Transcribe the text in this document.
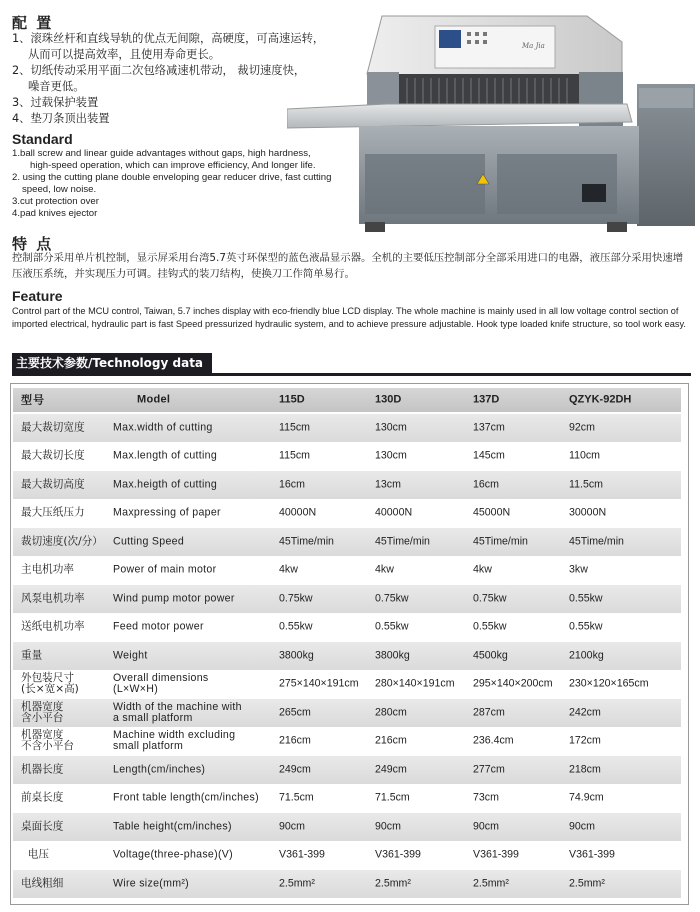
配 置
1、滚珠丝杆和直线导轨的优点无间隙，高硬度，可高速运转，
从而可以提高效率，且使用寿命更长。
2、切纸传动采用平面二次包络减速机带动， 裁切速度快，
噪音更低。
3、过载保护装置
4、垫刀条顶出装置
Standard
1.ball screw and linear guide advantages without gaps, high hardness,
high-speed operation, which can improve efficiency, And longer life.
2. using the cutting plane double enveloping gear reducer drive, fast cutting
speed, low noise.
3.cut protection over
4.pad knives ejector
Ma Jia
特 点
控制部分采用单片机控制，显示屏采用台湾5.7英寸环保型的蓝色液晶显示器。全机的主要低压控制部分全部采用进口的电器，液压部分采用快速增压液压系统，并实现压力可调。挂钩式的装刀结构，使换刀工作简单易行。
Feature
Control part of the MCU control, Taiwan, 5.7 inches display with eco-friendly blue LCD display. The whole machine is mainly used in all low voltage control section of imported electrical, hydraulic part is fast Speed pressurized hydraulic system, and to achieve pressure adjustable. Hook type loaded knife structure, so tool work easy.
主要技术参数/Technology data
型号	Model	115D	130D	137D	QZYK-92DH
最大裁切宽度	Max.width of cutting	115cm	130cm	137cm	92cm
最大裁切长度	Max.length of cutting	115cm	130cm	145cm	110cm
最大裁切高度	Max.heigth of cutting	16cm	13cm	16cm	11.5cm
最大压纸压力	Maxpressing of paper	40000N	40000N	45000N	30000N
裁切速度(次/分） Cutting Speed	45Time/min	45Time/min	45Time/min	45Time/min
主电机功率	Power of main motor	4kw	4kw	4kw	3kw
风泵电机功率	Wind pump motor power	0.75kw	0.75kw	0.75kw	0.55kw
送纸电机功率	Feed motor power	0.55kw	0.55kw	0.55kw	0.55kw
重量	Weight	3800kg	3800kg	4500kg	2100kg
外包装尺寸
(长×宽×高)
Overall dimensions
(L×W×H)	275×140×191cm 280×140×191cm 295×140×200cm 230×120×165cm
机器宽度
含小平台
Width of the machine with
a small platform	265cm	280cm	287cm	242cm
机器宽度
不含小平台
Machine width excluding
small platform	216cm	216cm	236.4cm	172cm
机器长度	Length(cm/inches)	249cm	249cm	277cm	218cm
前桌长度	Front table length(cm/inches) 71.5cm	71.5cm	73cm	74.9cm
桌面长度	Table height(cm/inches)	90cm	90cm	90cm	90cm
电压	Voltage(three-phase)(V)	V361-399	V361-399	V361-399	V361-399
电线粗细	Wire size(mm²)	2.5mm²	2.5mm²	2.5mm²	2.5mm²
